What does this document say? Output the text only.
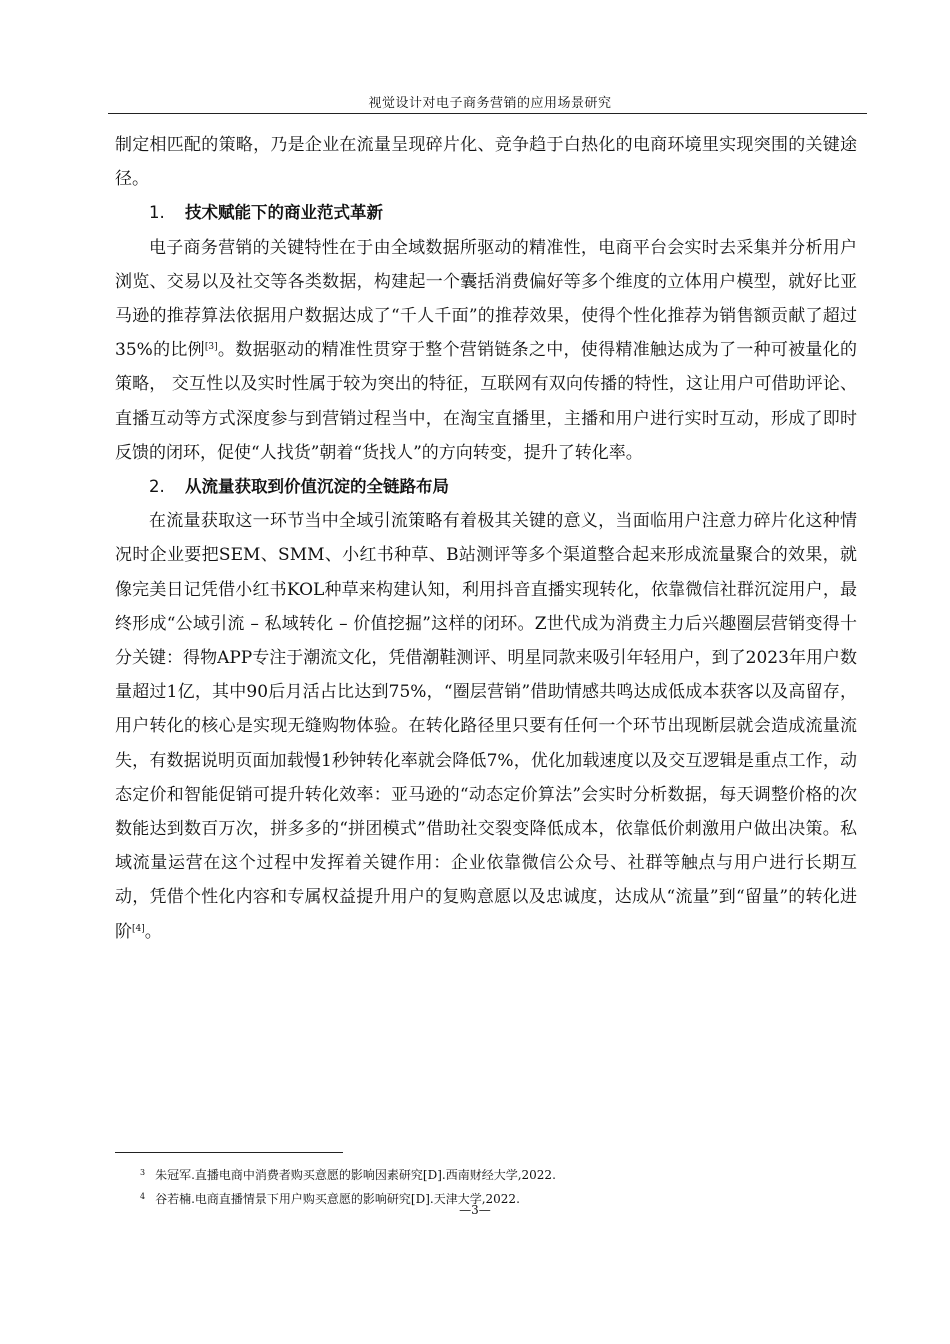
视觉设计对电子商务营销的应用场景研究

制定相匹配的策略，乃是企业在流量呈现碎片化、竞争趋于白热化的电商环境里实现突围的关键途径。

1. 技术赋能下的商业范式革新

电子商务营销的关键特性在于由全域数据所驱动的精准性，电商平台会实时去采集并分析用户浏览、交易以及社交等各类数据，构建起一个囊括消费偏好等多个维度的立体用户模型，就好比亚马逊的推荐算法依据用户数据达成了“千人千面”的推荐效果，使得个性化推荐为销售额贡献了超过35%的比例[3]。数据驱动的精准性贯穿于整个营销链条之中，使得精准触达成为了一种可被量化的策略， 交互性以及实时性属于较为突出的特征，互联网有双向传播的特性，这让用户可借助评论、直播互动等方式深度参与到营销过程当中，在淘宝直播里，主播和用户进行实时互动，形成了即时反馈的闭环，促使“人找货”朝着“货找人”的方向转变，提升了转化率。

2. 从流量获取到价值沉淀的全链路布局

在流量获取这一环节当中全域引流策略有着极其关键的意义，当面临用户注意力碎片化这种情况时企业要把SEM、SMM、小红书种草、B站测评等多个渠道整合起来形成流量聚合的效果，就像完美日记凭借小红书KOL种草来构建认知，利用抖音直播实现转化，依靠微信社群沉淀用户，最终形成“公域引流 – 私域转化 – 价值挖掘”这样的闭环。Z世代成为消费主力后兴趣圈层营销变得十分关键：得物APP专注于潮流文化，凭借潮鞋测评、明星同款来吸引年轻用户，到了2023年用户数量超过1亿，其中90后月活占比达到75%，“圈层营销”借助情感共鸣达成低成本获客以及高留存， 用户转化的核心是实现无缝购物体验。在转化路径里只要有任何一个环节出现断层就会造成流量流失，有数据说明页面加载慢1秒钟转化率就会降低7%，优化加载速度以及交互逻辑是重点工作，动态定价和智能促销可提升转化效率：亚马逊的“动态定价算法”会实时分析数据，每天调整价格的次数能达到数百万次，拼多多的“拼团模式”借助社交裂变降低成本，依靠低价刺激用户做出决策。私域流量运营在这个过程中发挥着关键作用：企业依靠微信公众号、社群等触点与用户进行长期互动，凭借个性化内容和专属权益提升用户的复购意愿以及忠诚度，达成从“流量”到“留量”的转化进阶[4]。

$^3$ 朱冠军.直播电商中消费者购买意愿的影响因素研究[D].西南财经大学,2022.
$^4$ 谷若楠.电商直播情景下用户购买意愿的影响研究[D].天津大学,2022.
—3—
